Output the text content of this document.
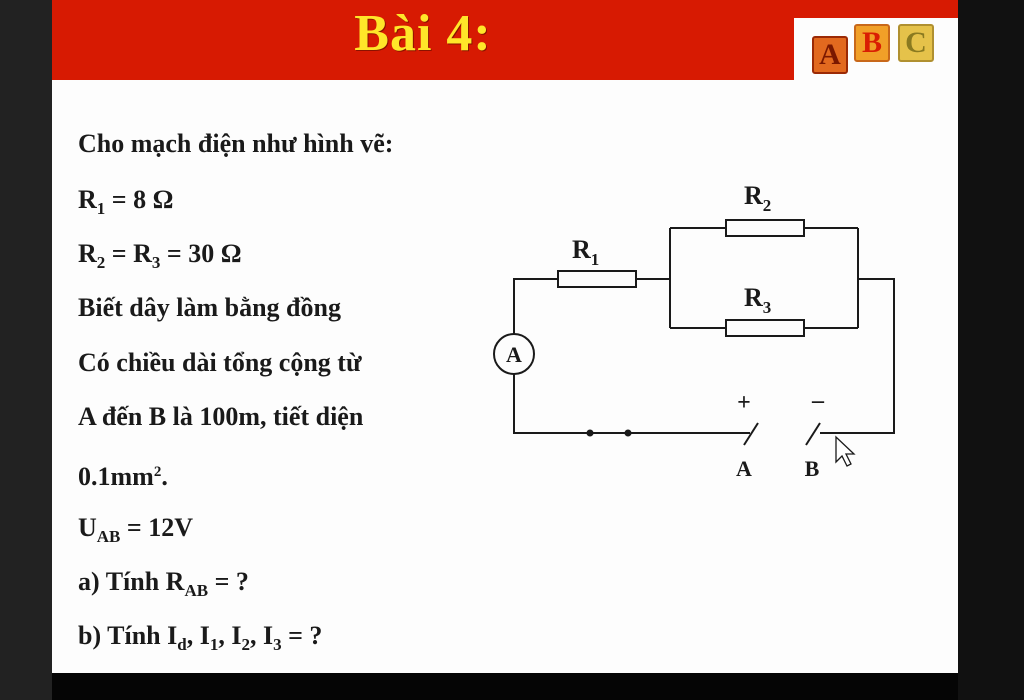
Bài 4:	A B C
Cho mạch điện như hình vẽ:
$R_1 = 8$ Ω
$R_2 = R_3 = 30$ Ω
Biết dây làm bằng đồng
Có chiều dài tổng cộng từ
A đến B là 100m, tiết diện
$0.1mm^2$.
$U_{AB} = 12V$
a) Tính $R_{AB}$ = ?
b) Tính $I_d$, $I_1$, $I_2$, $I_3$ = ?
$R_1$
$R_2$
$R_3$
A
+	–
A B
